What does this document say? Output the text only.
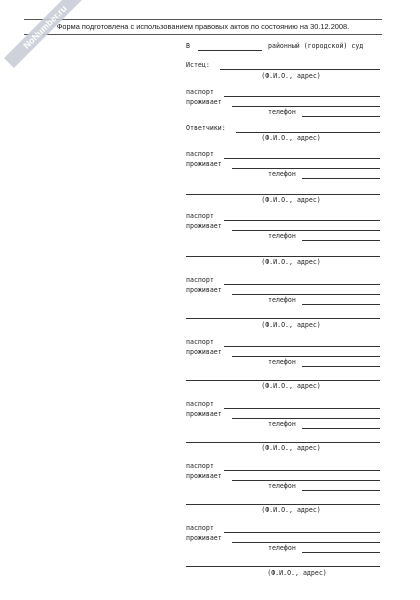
Форма подготовлена с использованием правовых актов по состоянию на 30.12.2008.
NoNumber.ru	В	районный (городской) суд
Истец:
(Ф.И.О., адрес)
паспорт
проживает
телефон
Ответчики:
(Ф.И.О., адрес)
паспорт
проживает
телефон
(Ф.И.О., адрес)
паспорт
проживает
телефон
(Ф.И.О., адрес)
паспорт
проживает
телефон
(Ф.И.О., адрес)
паспорт
проживает
телефон
(Ф.И.О., адрес)
паспорт
проживает
телефон
(Ф.И.О., адрес)
паспорт
проживает
телефон
(Ф.И.О., адрес)
паспорт
проживает
телефон
(Ф.И.О., адрес)
